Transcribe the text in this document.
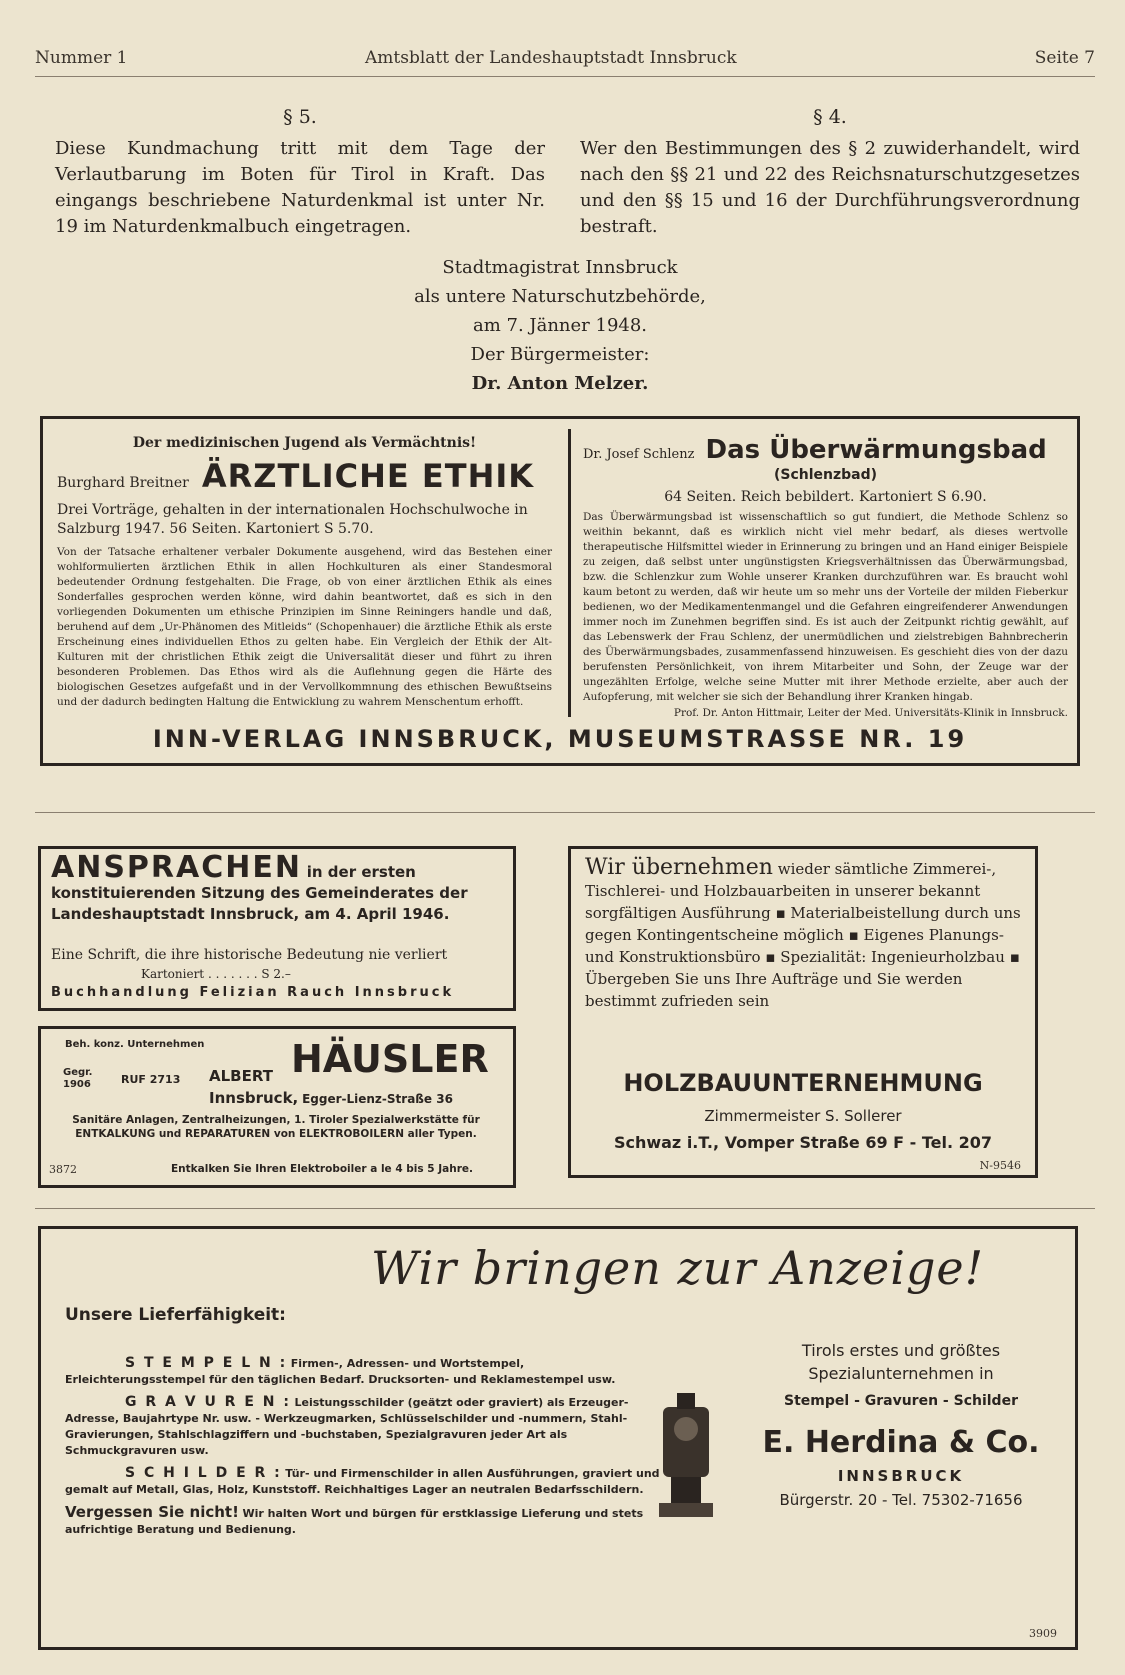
Nummer 1	Amtsblatt der Landeshauptstadt Innsbruck	Seite 7
§ 5.
Diese Kundmachung tritt mit dem Tage der Verlautbarung im Boten für Tirol in Kraft. Das eingangs beschriebene Naturdenkmal ist unter Nr. 19 im Naturdenkmalbuch eingetragen.
§ 4.
Wer den Bestimmungen des § 2 zuwiderhandelt, wird nach den §§ 21 und 22 des Reichsnaturschutzgesetzes und den §§ 15 und 16 der Durchführungsverordnung bestraft.
Stadtmagistrat Innsbruck
als untere Naturschutzbehörde,
am 7. Jänner 1948.
Der Bürgermeister:
Dr. Anton Melzer.
Der medizinischen Jugend als Vermächtnis!
Burghard Breitner ÄRZTLICHE ETHIK
Drei Vorträge, gehalten in der internationalen Hochschulwoche in Salzburg 1947. 56 Seiten. Kartoniert S 5.70.
Von der Tatsache erhaltener verbaler Dokumente ausgehend, wird das Bestehen einer wohlformulierten ärztlichen Ethik in allen Hochkulturen als einer Standesmoral bedeutender Ordnung festgehalten. Die Frage, ob von einer ärztlichen Ethik als eines Sonderfalles gesprochen werden könne, wird dahin beantwortet, daß es sich in den vorliegenden Dokumenten um ethische Prinzipien im Sinne Reiningers handle und daß, beruhend auf dem „Ur-Phänomen des Mitleids“ (Schopenhauer) die ärztliche Ethik als erste Erscheinung eines individuellen Ethos zu gelten habe. Ein Vergleich der Ethik der Alt-Kulturen mit der christlichen Ethik zeigt die Universalität dieser und führt zu ihren besonderen Problemen. Das Ethos wird als die Auflehnung gegen die Härte des biologischen Gesetzes aufgefaßt und in der Vervollkommnung des ethischen Bewußtseins und der dadurch bedingten Haltung die Entwicklung zu wahrem Menschentum erhofft.
Dr. Josef Schlenz Das Überwärmungsbad
(Schlenzbad)
64 Seiten. Reich bebildert. Kartoniert S 6.90.
Das Überwärmungsbad ist wissenschaftlich so gut fundiert, die Methode Schlenz so weithin bekannt, daß es wirklich nicht viel mehr bedarf, als dieses wertvolle therapeutische Hilfsmittel wieder in Erinnerung zu bringen und an Hand einiger Beispiele zu zeigen, daß selbst unter ungünstigsten Kriegsverhältnissen das Überwärmungsbad, bzw. die Schlenzkur zum Wohle unserer Kranken durchzuführen war. Es braucht wohl kaum betont zu werden, daß wir heute um so mehr uns der Vorteile der milden Fieberkur bedienen, wo der Medikamentenmangel und die Gefahren eingreifenderer Anwendungen immer noch im Zunehmen begriffen sind. Es ist auch der Zeitpunkt richtig gewählt, auf das Lebenswerk der Frau Schlenz, der unermüdlichen und zielstrebigen Bahnbrecherin des Überwärmungsbades, zusammenfassend hinzuweisen. Es geschieht dies von der dazu berufensten Persönlichkeit, von ihrem Mitarbeiter und Sohn, der Zeuge war der ungezählten Erfolge, welche seine Mutter mit ihrer Methode erzielte, aber auch der Aufopferung, mit welcher sie sich der Behandlung ihrer Kranken hingab.
Prof. Dr. Anton Hittmair, Leiter der Med. Universitäts-Klinik in Innsbruck.
INN-VERLAG INNSBRUCK, MUSEUMSTRASSE NR. 19
ANSPRACHEN in der ersten konstituierenden Sitzung des Gemeinderates der Landeshauptstadt Innsbruck, am 4. April 1946.
Eine Schrift, die ihre historische Bedeutung nie verliert
Kartoniert . . . . . . . S 2.–
Buchhandlung Felizian Rauch Innsbruck
Beh. konz. Unternehmen
Gegr. 1906	RUF 2713 ALBERT HÄUSLER
Innsbruck, Egger-Lienz-Straße 36
Sanitäre Anlagen, Zentralheizungen, 1. Tiroler Spezialwerkstätte für ENTKALKUNG und REPARATUREN von ELEKTROBOILERN aller Typen.
3872	Entkalken Sie Ihren Elektroboiler a le 4 bis 5 Jahre.
Wir übernehmen wieder sämtliche Zimmerei-, Tischlerei- und Holzbauarbeiten in unserer bekannt sorgfältigen Ausführung ▪ Materialbeistellung durch uns gegen Kontingentscheine möglich ▪ Eigenes Planungs- und Konstruktionsbüro ▪ Spezialität: Ingenieurholzbau ▪ Übergeben Sie uns Ihre Aufträge und Sie werden bestimmt zufrieden sein
HOLZBAUUNTERNEHMUNG
Zimmermeister S. Sollerer
Schwaz i.T., Vomper Straße 69 F - Tel. 207
N-9546
Unsere Lieferfähigkeit:
Wir bringen zur Anzeige!
S T E M P E L N : Firmen-, Adressen- und Wortstempel, Erleichterungsstempel für den täglichen Bedarf. Drucksorten- und Reklamestempel usw.
G R A V U R E N : Leistungsschilder (geätzt oder graviert) als Erzeuger-Adresse, Baujahrtype Nr. usw. - Werkzeugmarken, Schlüsselschilder und -nummern, Stahl-Gravierungen, Stahlschlagziffern und -buchstaben, Spezialgravuren jeder Art als Schmuckgravuren usw.
S C H I L D E R : Tür- und Firmenschilder in allen Ausführungen, graviert und gemalt auf Metall, Glas, Holz, Kunststoff. Reichhaltiges Lager an neutralen Bedarfsschildern.
Vergessen Sie nicht! Wir halten Wort und bürgen für erstklassige Lieferung und stets aufrichtige Beratung und Bedienung.
Tirols erstes und größtes Spezialunternehmen in
Stempel - Gravuren - Schilder
E. Herdina & Co.
INNSBRUCK
Bürgerstr. 20 - Tel. 75302-71656
3909
